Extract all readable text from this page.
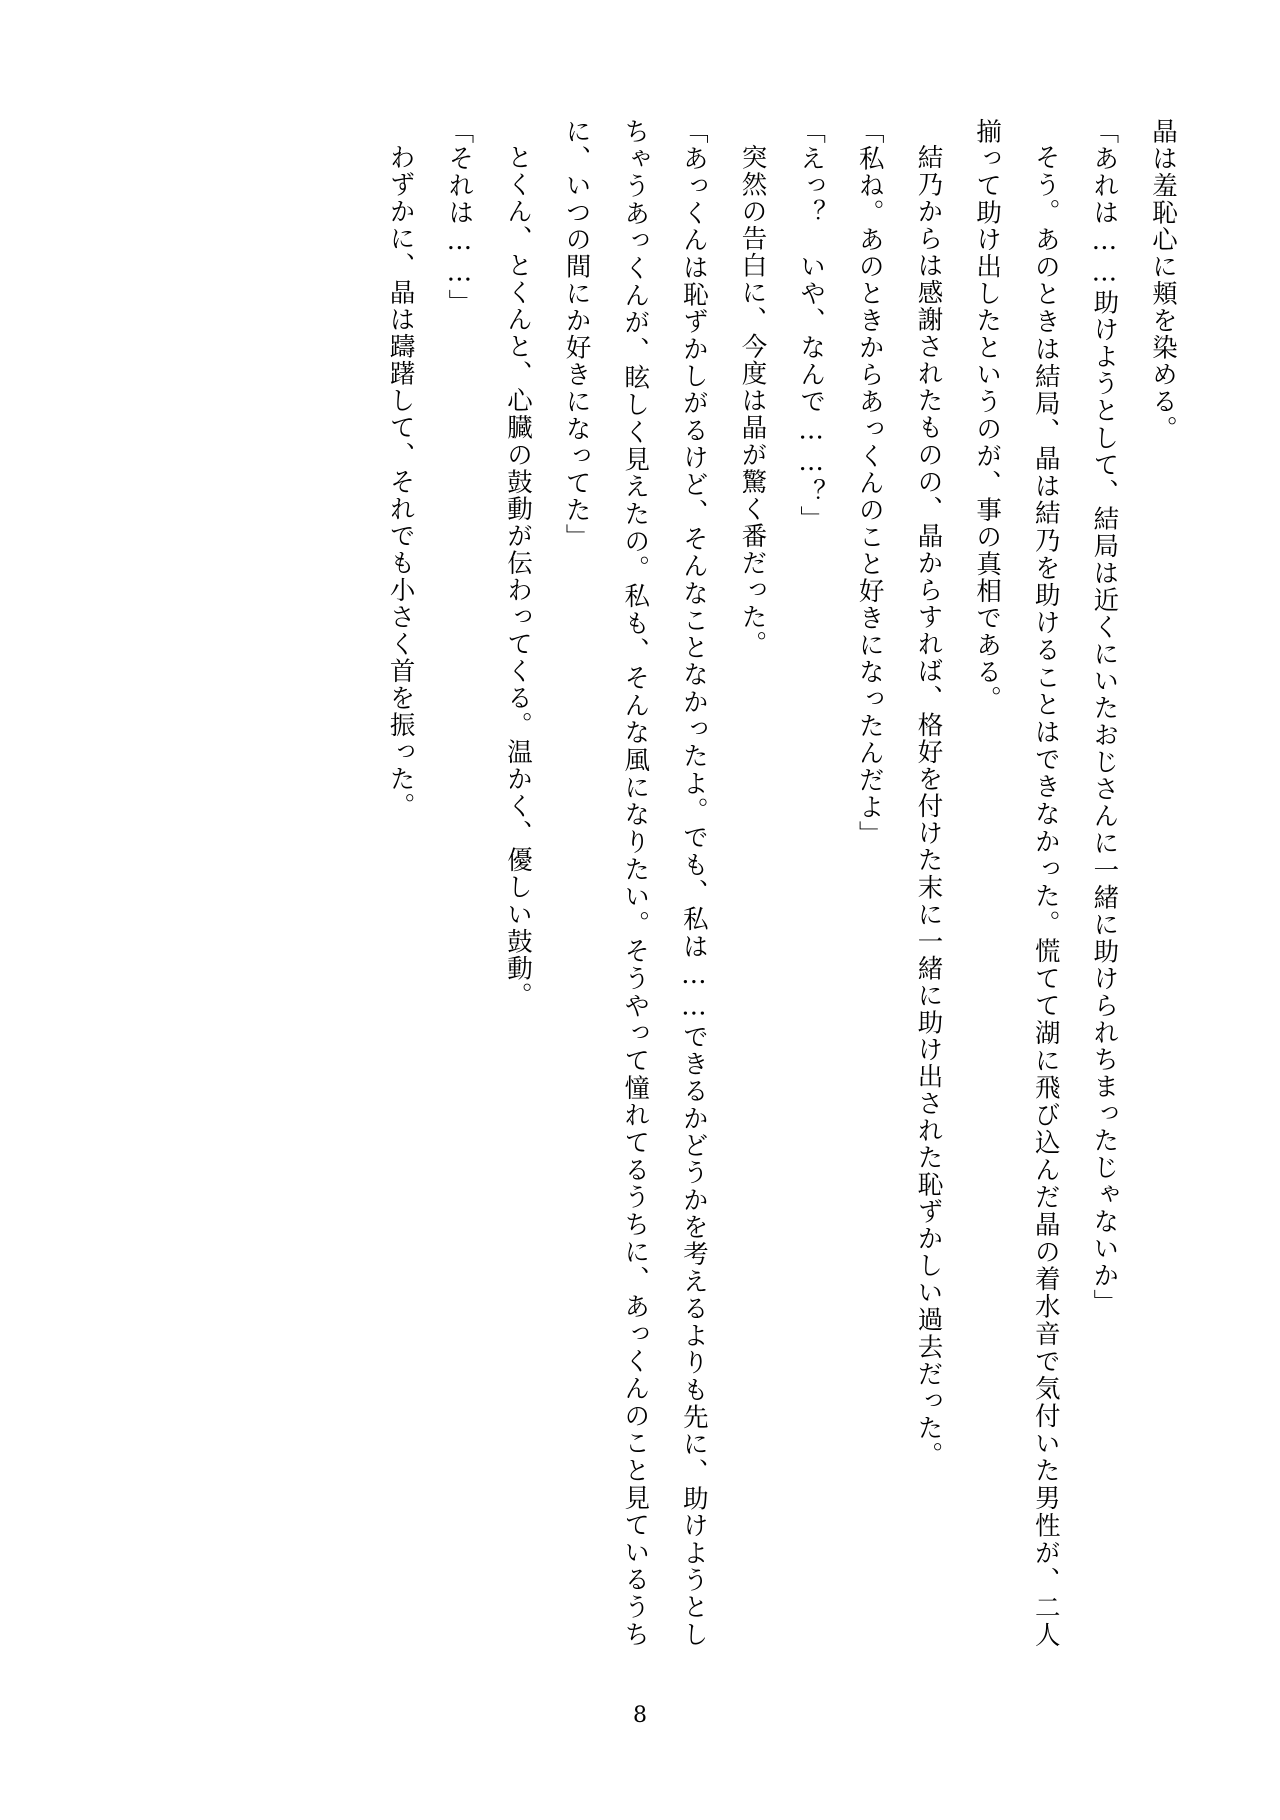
晶は羞恥心に頬を染める。

「あれは……助けようとして、結局は近くにいたおじさんに一緒に助けられちまったじゃないか」

そう。あのときは結局、晶は結乃を助けることはできなかった。慌てて湖に飛び込んだ晶の着水音で気付いた男性が、二人揃って助け出したというのが、事の真相である。

結乃からは感謝されたものの、晶からすれば、格好を付けた末に一緒に助け出された恥ずかしい過去だった。

「私ね。あのときからあっくんのこと好きになったんだよ」

「えっ？　いや、なんで……？」

突然の告白に、今度は晶が驚く番だった。

「あっくんは恥ずかしがるけど、そんなことなかったよ。でも、私は……できるかどうかを考えるよりも先に、助けようとしちゃうあっくんが、眩しく見えたの。私も、そんな風になりたい。そうやって憧れてるうちに、あっくんのこと見ているうちに、いつの間にか好きになってた」

とくん、とくんと、心臓の鼓動が伝わってくる。温かく、優しい鼓動。

「それは……」

わずかに、晶は躊躇して、それでも小さく首を振った。

8
